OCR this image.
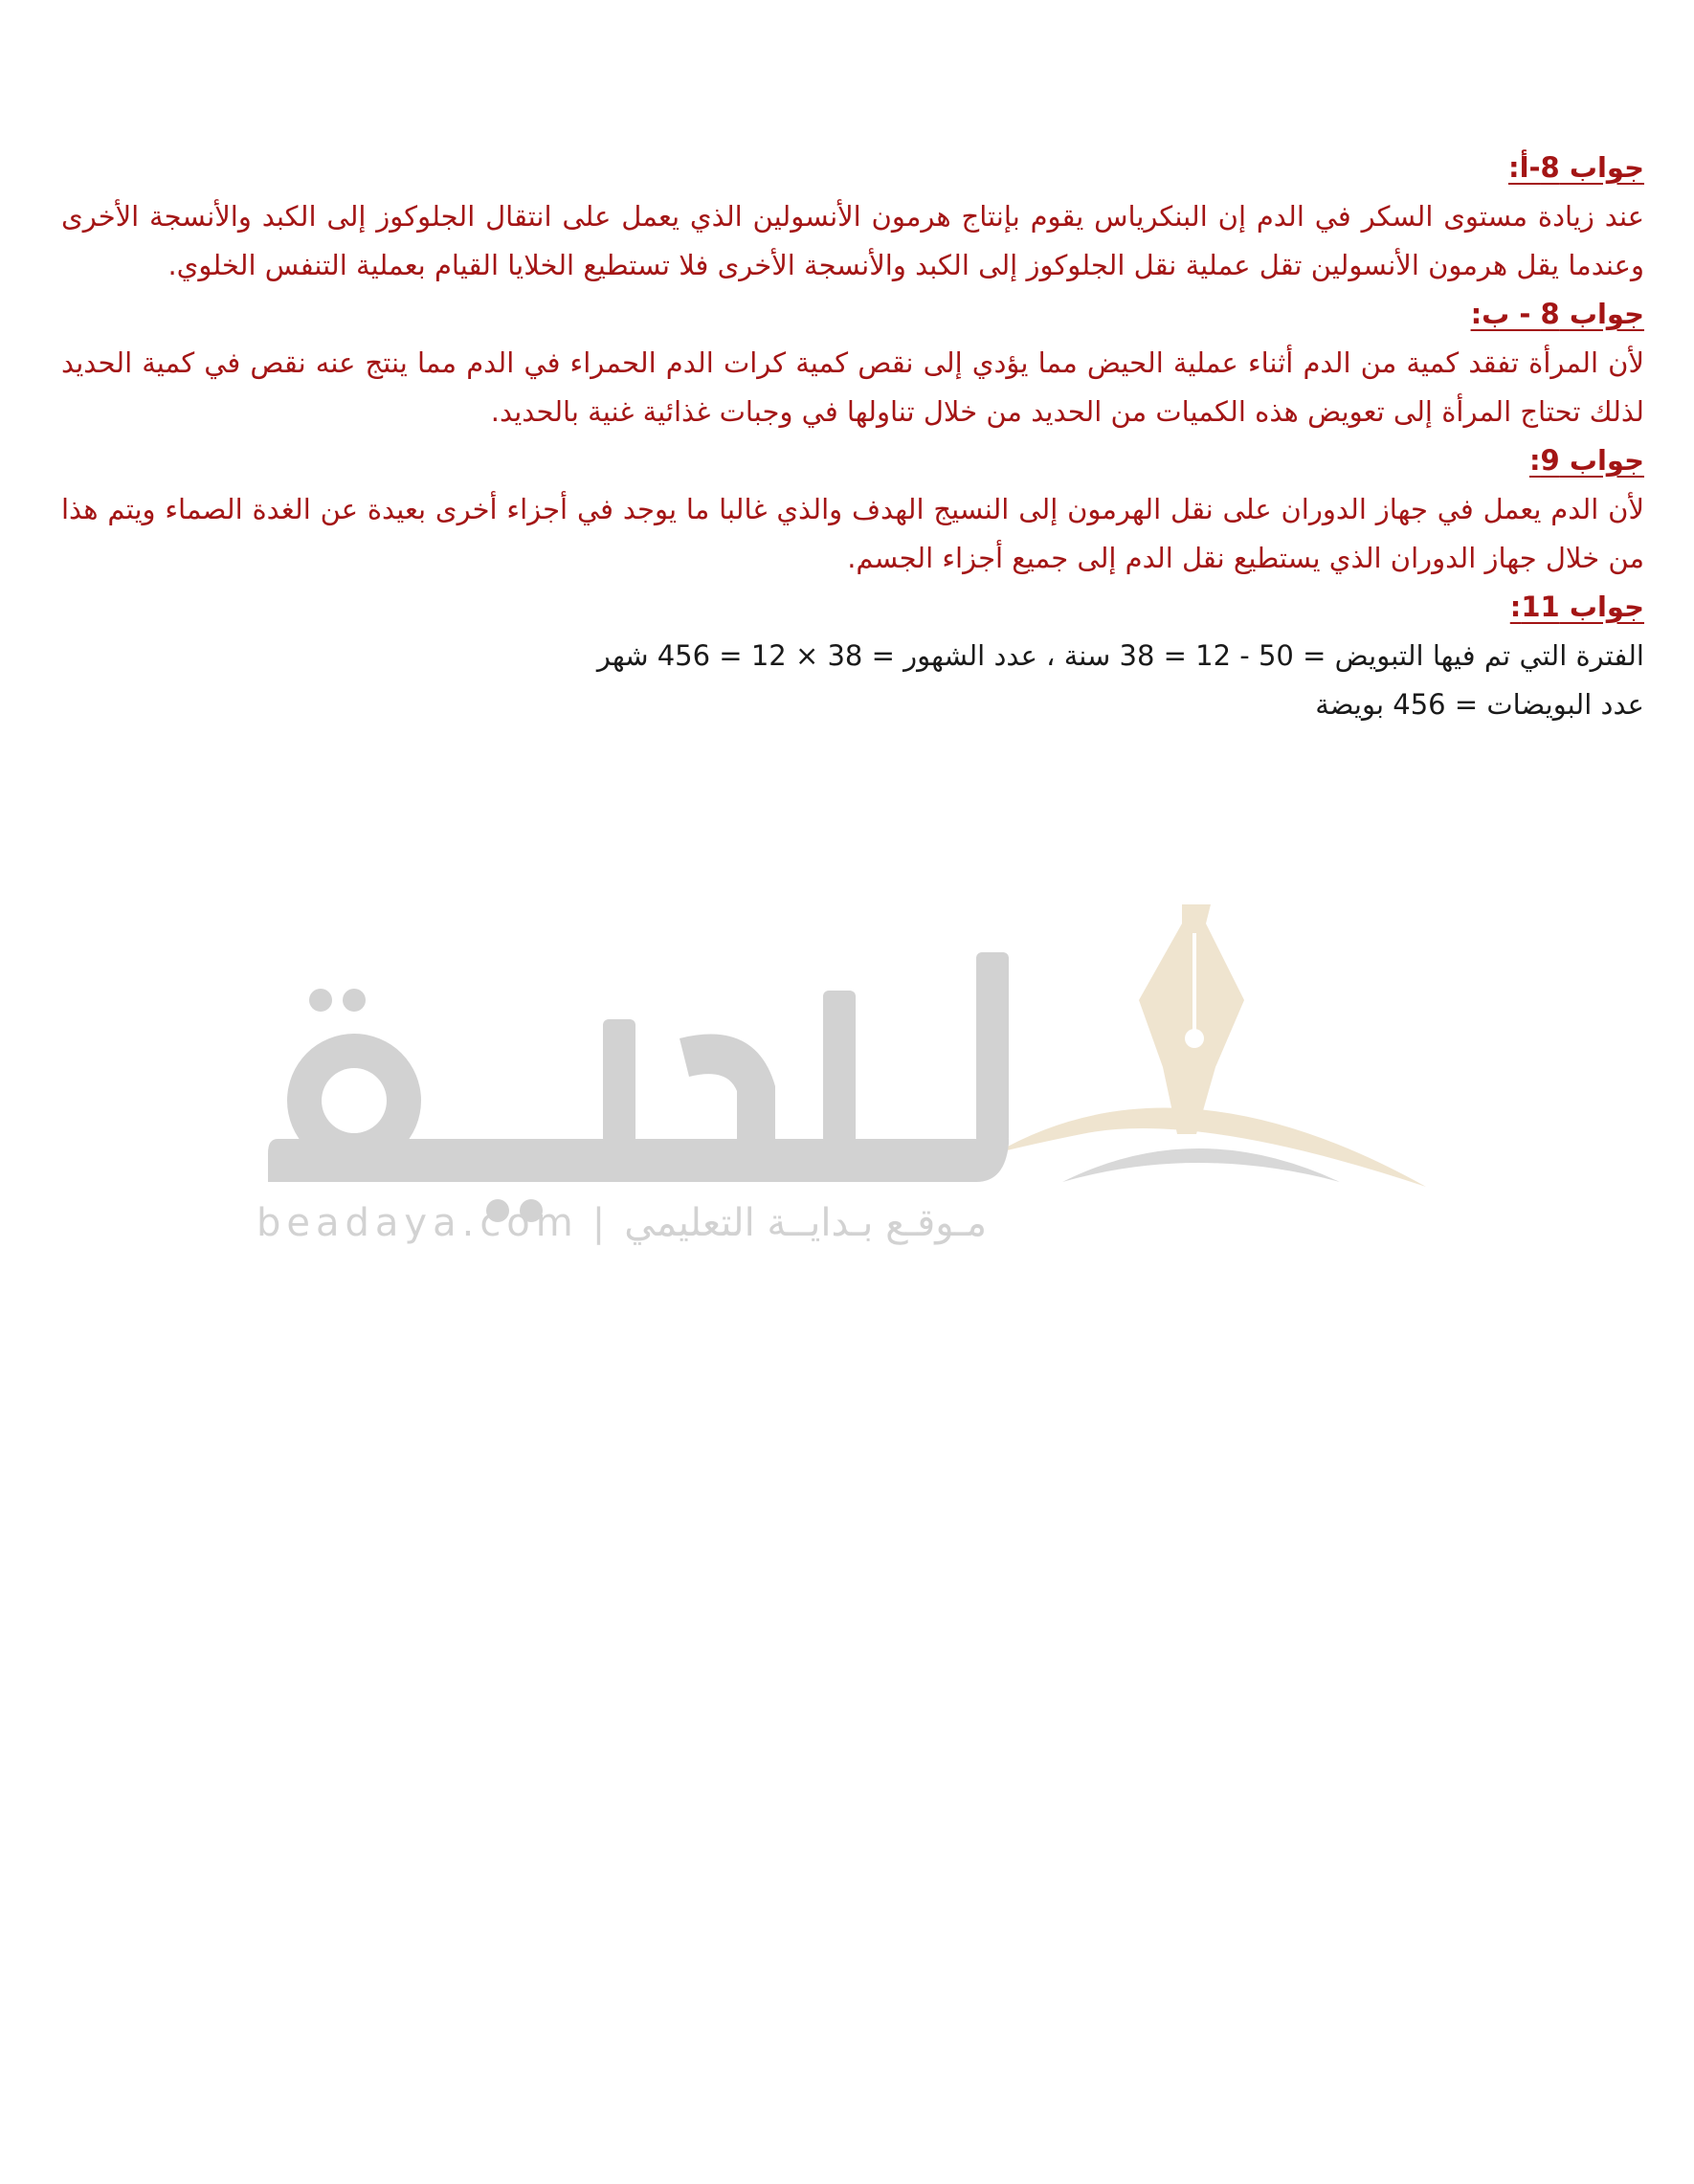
beadaya.com | مـوقـع بـدايــة التعليمي
جواب 8-أ:

عند زيادة مستوى السكر في الدم إن البنكرياس يقوم بإنتاج هرمون الأنسولين الذي يعمل على انتقال الجلوكوز إلى الكبد والأنسجة الأخرى وعندما يقل هرمون الأنسولين تقل عملية نقل الجلوكوز إلى الكبد والأنسجة الأخرى فلا تستطيع الخلايا القيام بعملية التنفس الخلوي.

جواب 8 - ب:

لأن المرأة تفقد كمية من الدم أثناء عملية الحيض مما يؤدي إلى نقص كمية كرات الدم الحمراء في الدم مما ينتج عنه نقص في كمية الحديد لذلك تحتاج المرأة إلى تعويض هذه الكميات من الحديد من خلال تناولها في وجبات غذائية غنية بالحديد.

جواب 9:

لأن الدم يعمل في جهاز الدوران على نقل الهرمون إلى النسيج الهدف والذي غالبا ما يوجد في أجزاء أخرى بعيدة عن الغدة الصماء ويتم هذا من خلال جهاز الدوران الذي يستطيع نقل الدم إلى جميع أجزاء الجسم.

جواب 11:

الفترة التي تم فيها التبويض = 50 - 12 = 38 سنة ، عدد الشهور = 38 × 12 = 456 شهر

عدد البويضات = 456 بويضة
